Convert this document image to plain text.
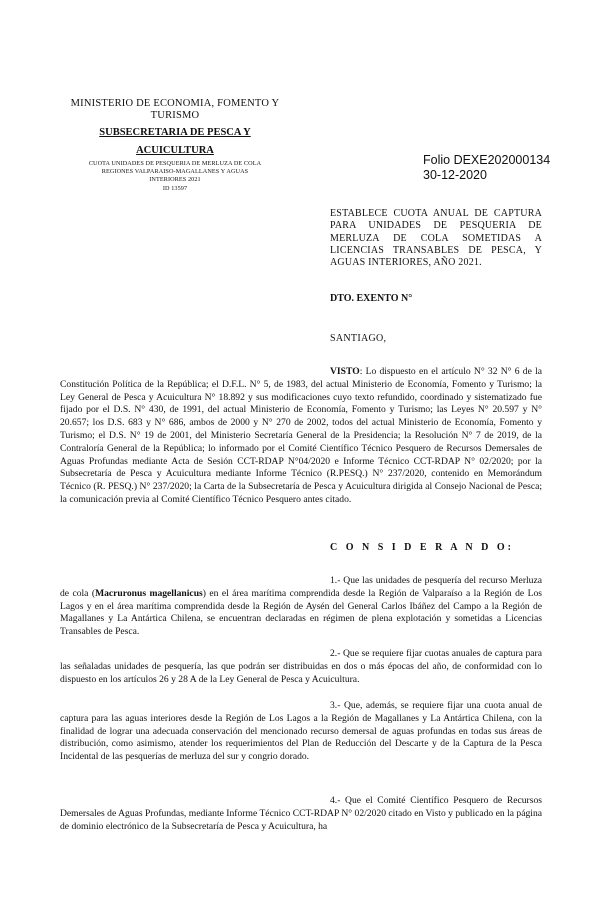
MINISTERIO DE ECONOMIA, FOMENTO Y
TURISMO
SUBSECRETARIA DE PESCA Y
ACUICULTURA
CUOTA UNIDADES DE PESQUERIA DE MERLUZA DE COLA
REGIONES VALPARAISO-MAGALLANES Y AGUAS
INTERIORES 2021
ID 13597
Folio DEXE202000134
30-12-2020
ESTABLECE CUOTA ANUAL DE CAPTURA PARA UNIDADES DE PESQUERIA DE MERLUZA DE COLA SOMETIDAS A LICENCIAS TRANSABLES DE PESCA, Y AGUAS INTERIORES, AÑO 2021.
DTO. EXENTO N°
SANTIAGO,
VISTO: Lo dispuesto en el artículo N° 32 N° 6 de la Constitución Política de la República; el D.F.L. N° 5, de 1983, del actual Ministerio de Economía, Fomento y Turismo; la Ley General de Pesca y Acuicultura N° 18.892 y sus modificaciones cuyo texto refundido, coordinado y sistematizado fue fijado por el D.S. N° 430, de 1991, del actual Ministerio de Economía, Fomento y Turismo; las Leyes N° 20.597 y N° 20.657; los D.S. 683 y N° 686, ambos de 2000 y N° 270 de 2002, todos del actual Ministerio de Economía, Fomento y Turismo; el D.S. N° 19 de 2001, del Ministerio Secretaría General de la Presidencia; la Resolución N° 7 de 2019, de la Contraloría General de la República; lo informado por el Comité Científico Técnico Pesquero de Recursos Demersales de Aguas Profundas mediante Acta de Sesión CCT-RDAP N°04/2020 e Informe Técnico CCT-RDAP N° 02/2020; por la Subsecretaría de Pesca y Acuicultura mediante Informe Técnico (R.PESQ.) N° 237/2020, contenido en Memorándum Técnico (R. PESQ.) N° 237/2020; la Carta de la Subsecretaría de Pesca y Acuicultura dirigida al Consejo Nacional de Pesca; la comunicación previa al Comité Científico Técnico Pesquero antes citado.
C O N S I D E R A N D O:
1.- Que las unidades de pesquería del recurso Merluza de cola (Macruronus magellanicus) en el área marítima comprendida desde la Región de Valparaíso a la Región de Los Lagos y en el área marítima comprendida desde la Región de Aysén del General Carlos Ibáñez del Campo a la Región de Magallanes y La Antártica Chilena, se encuentran declaradas en régimen de plena explotación y sometidas a Licencias Transables de Pesca.
2.- Que se requiere fijar cuotas anuales de captura para las señaladas unidades de pesquería, las que podrán ser distribuidas en dos o más épocas del año, de conformidad con lo dispuesto en los artículos 26 y 28 A de la Ley General de Pesca y Acuicultura.
3.- Que, además, se requiere fijar una cuota anual de captura para las aguas interiores desde la Región de Los Lagos a la Región de Magallanes y La Antártica Chilena, con la finalidad de lograr una adecuada conservación del mencionado recurso demersal de aguas profundas en todas sus áreas de distribución, como asimismo, atender los requerimientos del Plan de Reducción del Descarte y de la Captura de la Pesca Incidental de las pesquerías de merluza del sur y congrio dorado.
4.- Que el Comité Científico Pesquero de Recursos Demersales de Aguas Profundas, mediante Informe Técnico CCT-RDAP N° 02/2020 citado en Visto y publicado en la página de dominio electrónico de la Subsecretaría de Pesca y Acuicultura, ha
